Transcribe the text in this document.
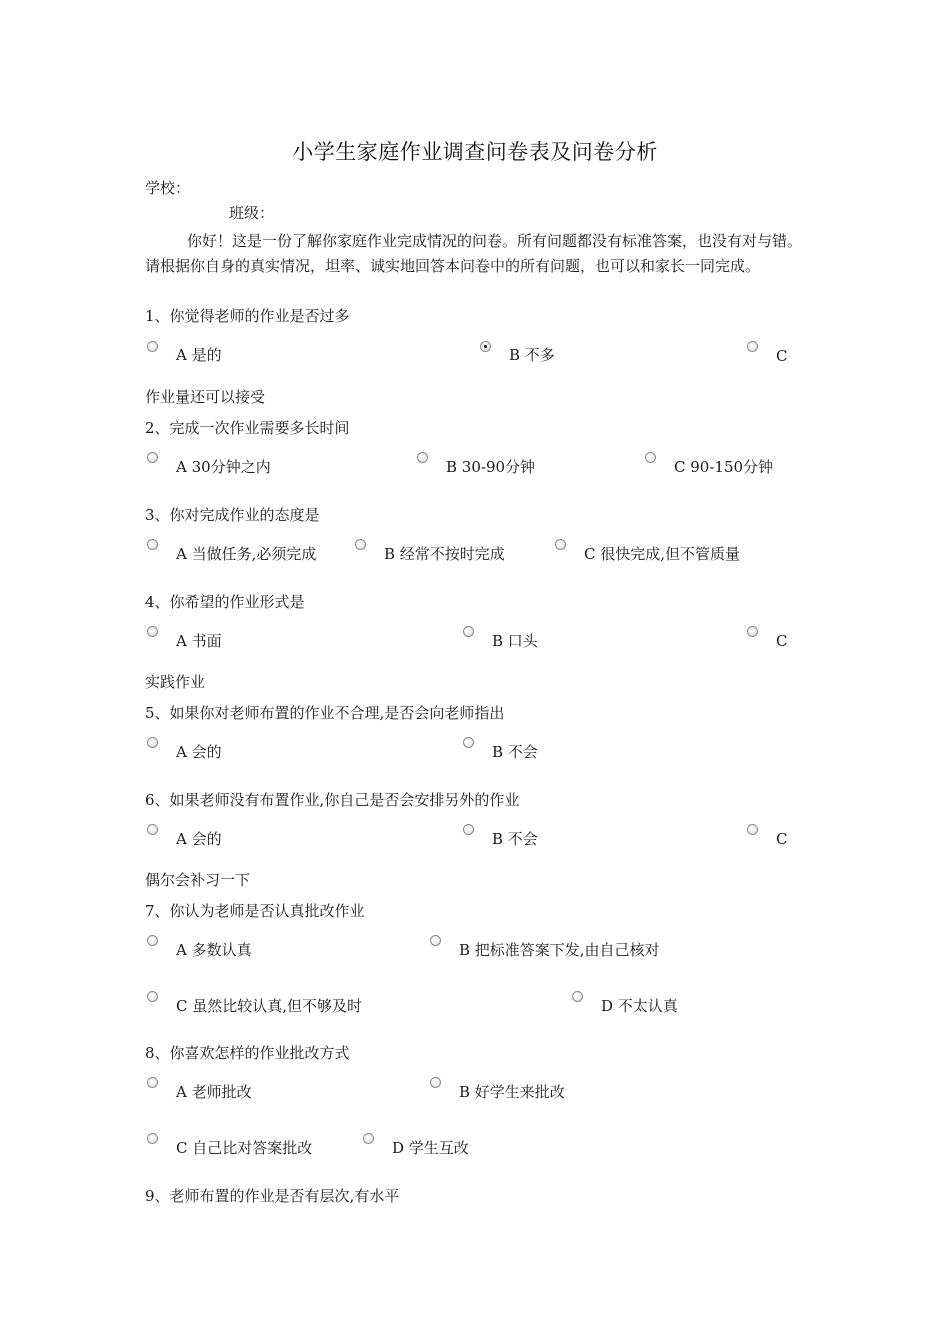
小学生家庭作业调查问卷表及问卷分析
学校：
班级：
你好！这是一份了解你家庭作业完成情况的问卷。所有问题都没有标准答案，也没有对与错。请根据你自身的真实情况，坦率、诚实地回答本问卷中的所有问题，也可以和家长一同完成。
1、你觉得老师的作业是否过多
A 是的	B 不多	C
作业量还可以接受
2、完成一次作业需要多长时间
A 30分钟之内	B 30-90分钟	C 90-150分钟
3、你对完成作业的态度是
A 当做任务,必须完成	B 经常不按时完成	C 很快完成,但不管质量
4、你希望的作业形式是
A 书面	B 口头	C
实践作业
5、如果你对老师布置的作业不合理,是否会向老师指出
A 会的	B 不会
6、如果老师没有布置作业,你自己是否会安排另外的作业
A 会的	B 不会	C
偶尔会补习一下
7、你认为老师是否认真批改作业
A 多数认真	B 把标准答案下发,由自己核对
C 虽然比较认真,但不够及时	D 不太认真
8、你喜欢怎样的作业批改方式
A 老师批改	B 好学生来批改
C 自己比对答案批改	D 学生互改
9、老师布置的作业是否有层次,有水平
